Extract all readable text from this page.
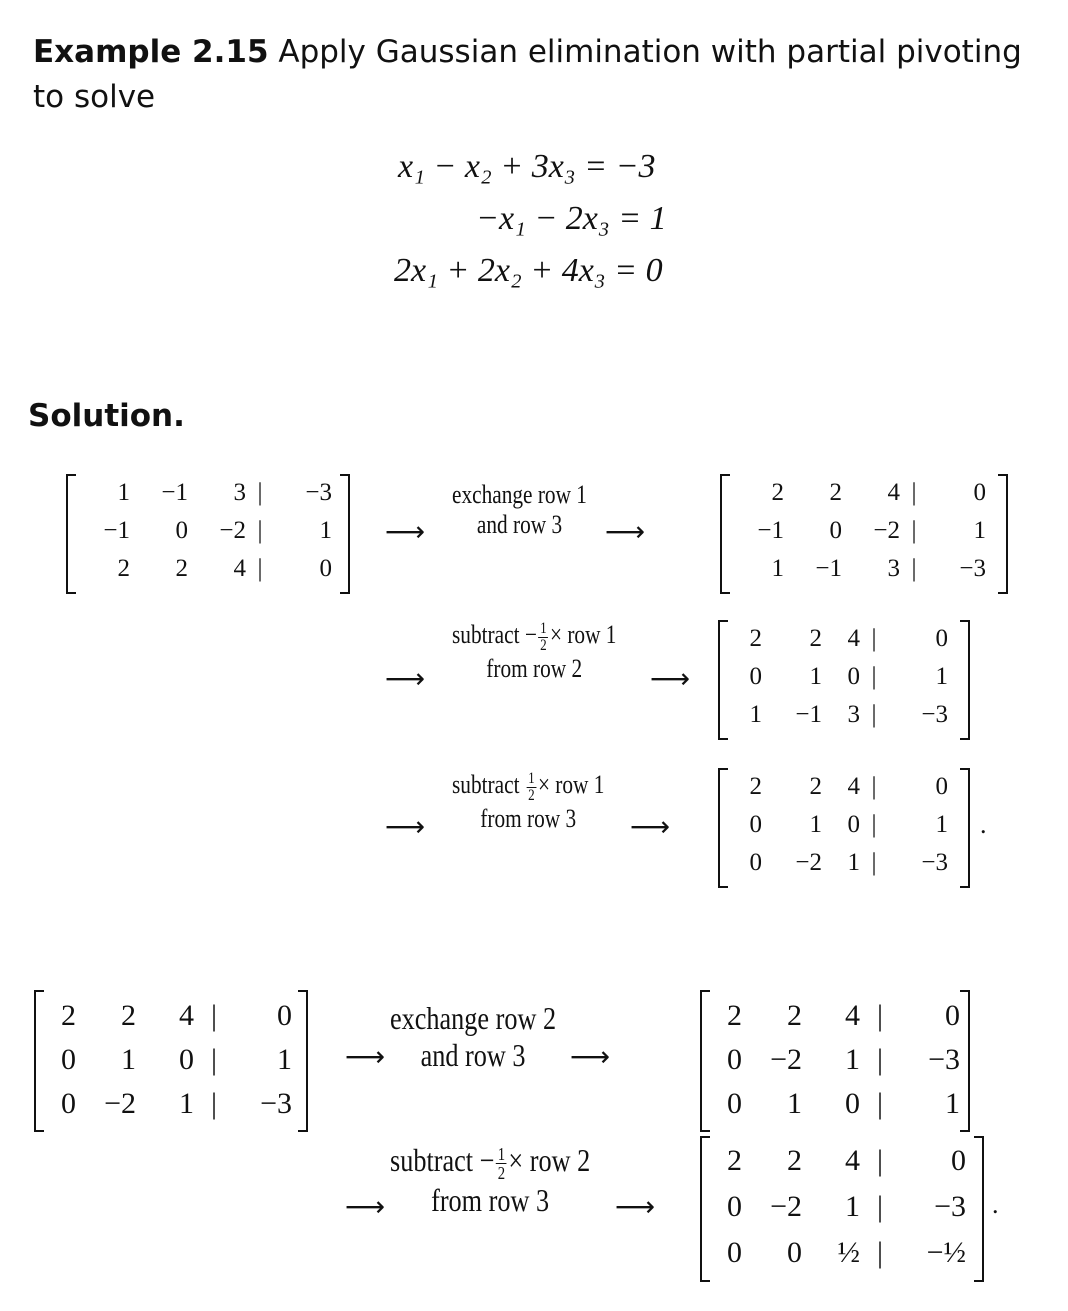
Example 2.15 Apply Gaussian elimination with partial pivoting to solve
x₁ − x₂ + 3x₃ = −3
−x₁ − 2x₃ = 1
2x₁ + 2x₂ + 4x₃ = 0
Solution.
1	−1	3	|	−3
−1	0	−2	|	1
2	2	4	|	0
⟶
exchange row 1
and row 3	⟶
2	2	4	|	0
−1	0	−2	|	1
1	−1	3	|	−3
⟶
subtract − $\frac{1}{2}$ × row 1
from row 2	⟶
2	2	4	|	0
0	1	0	|	1
1	−1	3	|	−3
⟶
subtract $\frac{1}{2}$ × row 1
from row 3	⟶
2	2	4	|	0
0	1	0	|	1
0	−2	1	|	−3
.
2	2	4	|	0
0	1	0	|	1
0	−2	1	|	−3
⟶
exchange row 2
and row 3	⟶
2	2	4	|	0
0	−2	1	|	−3
0	1	0	|	1
⟶
subtract − $\frac{1}{2}$ × row 2
from row 3	⟶
2	2	4	|	0
0	−2	1	|	−3
0	0	½	|	−½
.
